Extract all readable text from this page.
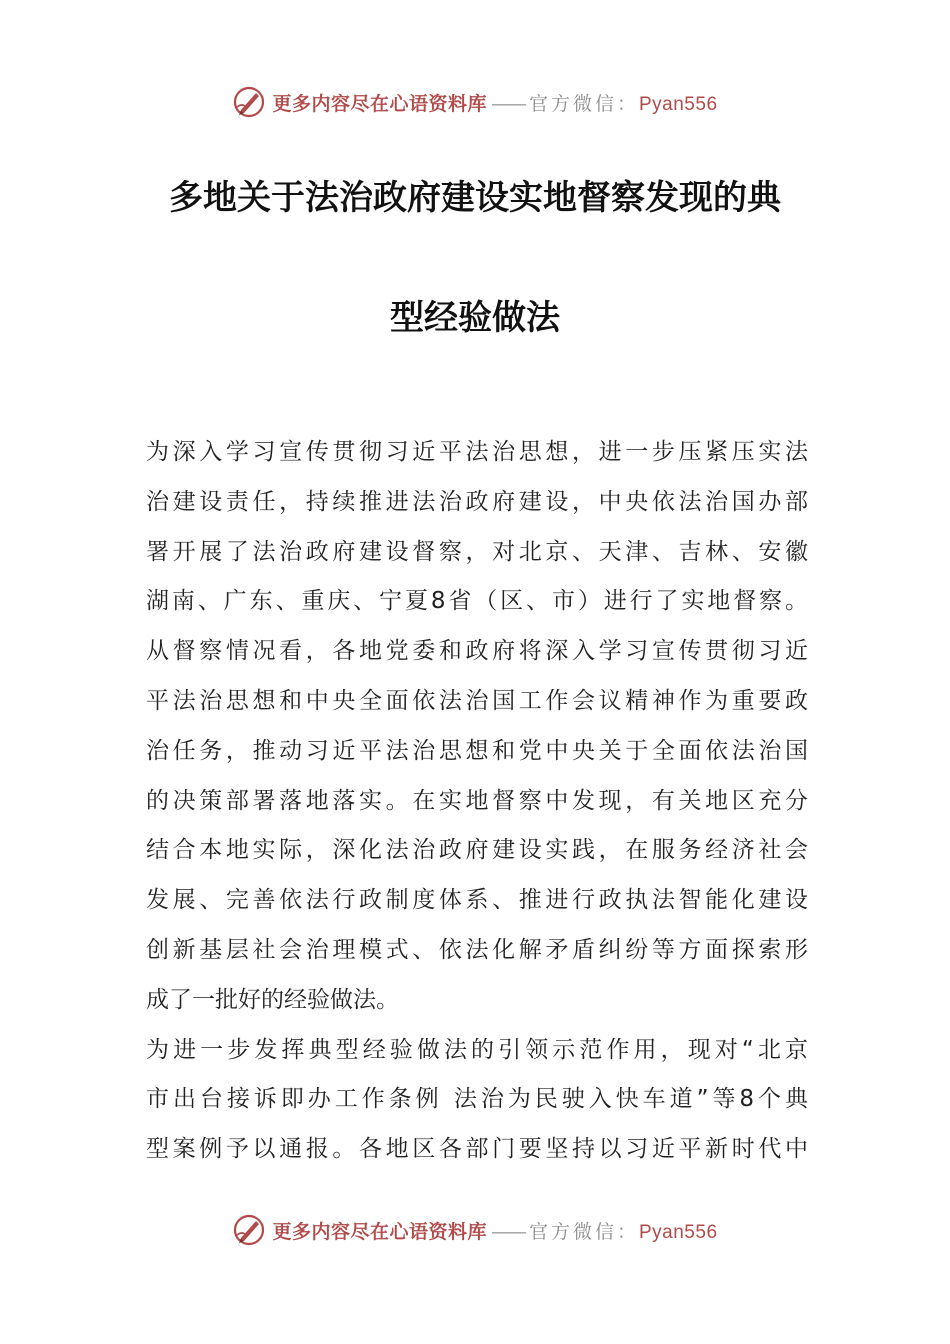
更多内容尽在心语资料库 —— 官方微信： Pyan556
多地关于法治政府建设实地督察发现的典
型经验做法
为深入学习宣传贯彻习近平法治思想，进一步压紧压实法
治建设责任，持续推进法治政府建设，中央依法治国办部
署开展了法治政府建设督察，对北京、天津、吉林、安徽
湖南、广东、重庆、宁夏8省（区、市）进行了实地督察。
从督察情况看，各地党委和政府将深入学习宣传贯彻习近
平法治思想和中央全面依法治国工作会议精神作为重要政
治任务，推动习近平法治思想和党中央关于全面依法治国
的决策部署落地落实。在实地督察中发现，有关地区充分
结合本地实际，深化法治政府建设实践，在服务经济社会
发展、完善依法行政制度体系、推进行政执法智能化建设
创新基层社会治理模式、依法化解矛盾纠纷等方面探索形
成了一批好的经验做法。
为进一步发挥典型经验做法的引领示范作用，现对“北京
市出台接诉即办工作条例 法治为民驶入快车道”等8个典
型案例予以通报。各地区各部门要坚持以习近平新时代中
更多内容尽在心语资料库 —— 官方微信： Pyan556
